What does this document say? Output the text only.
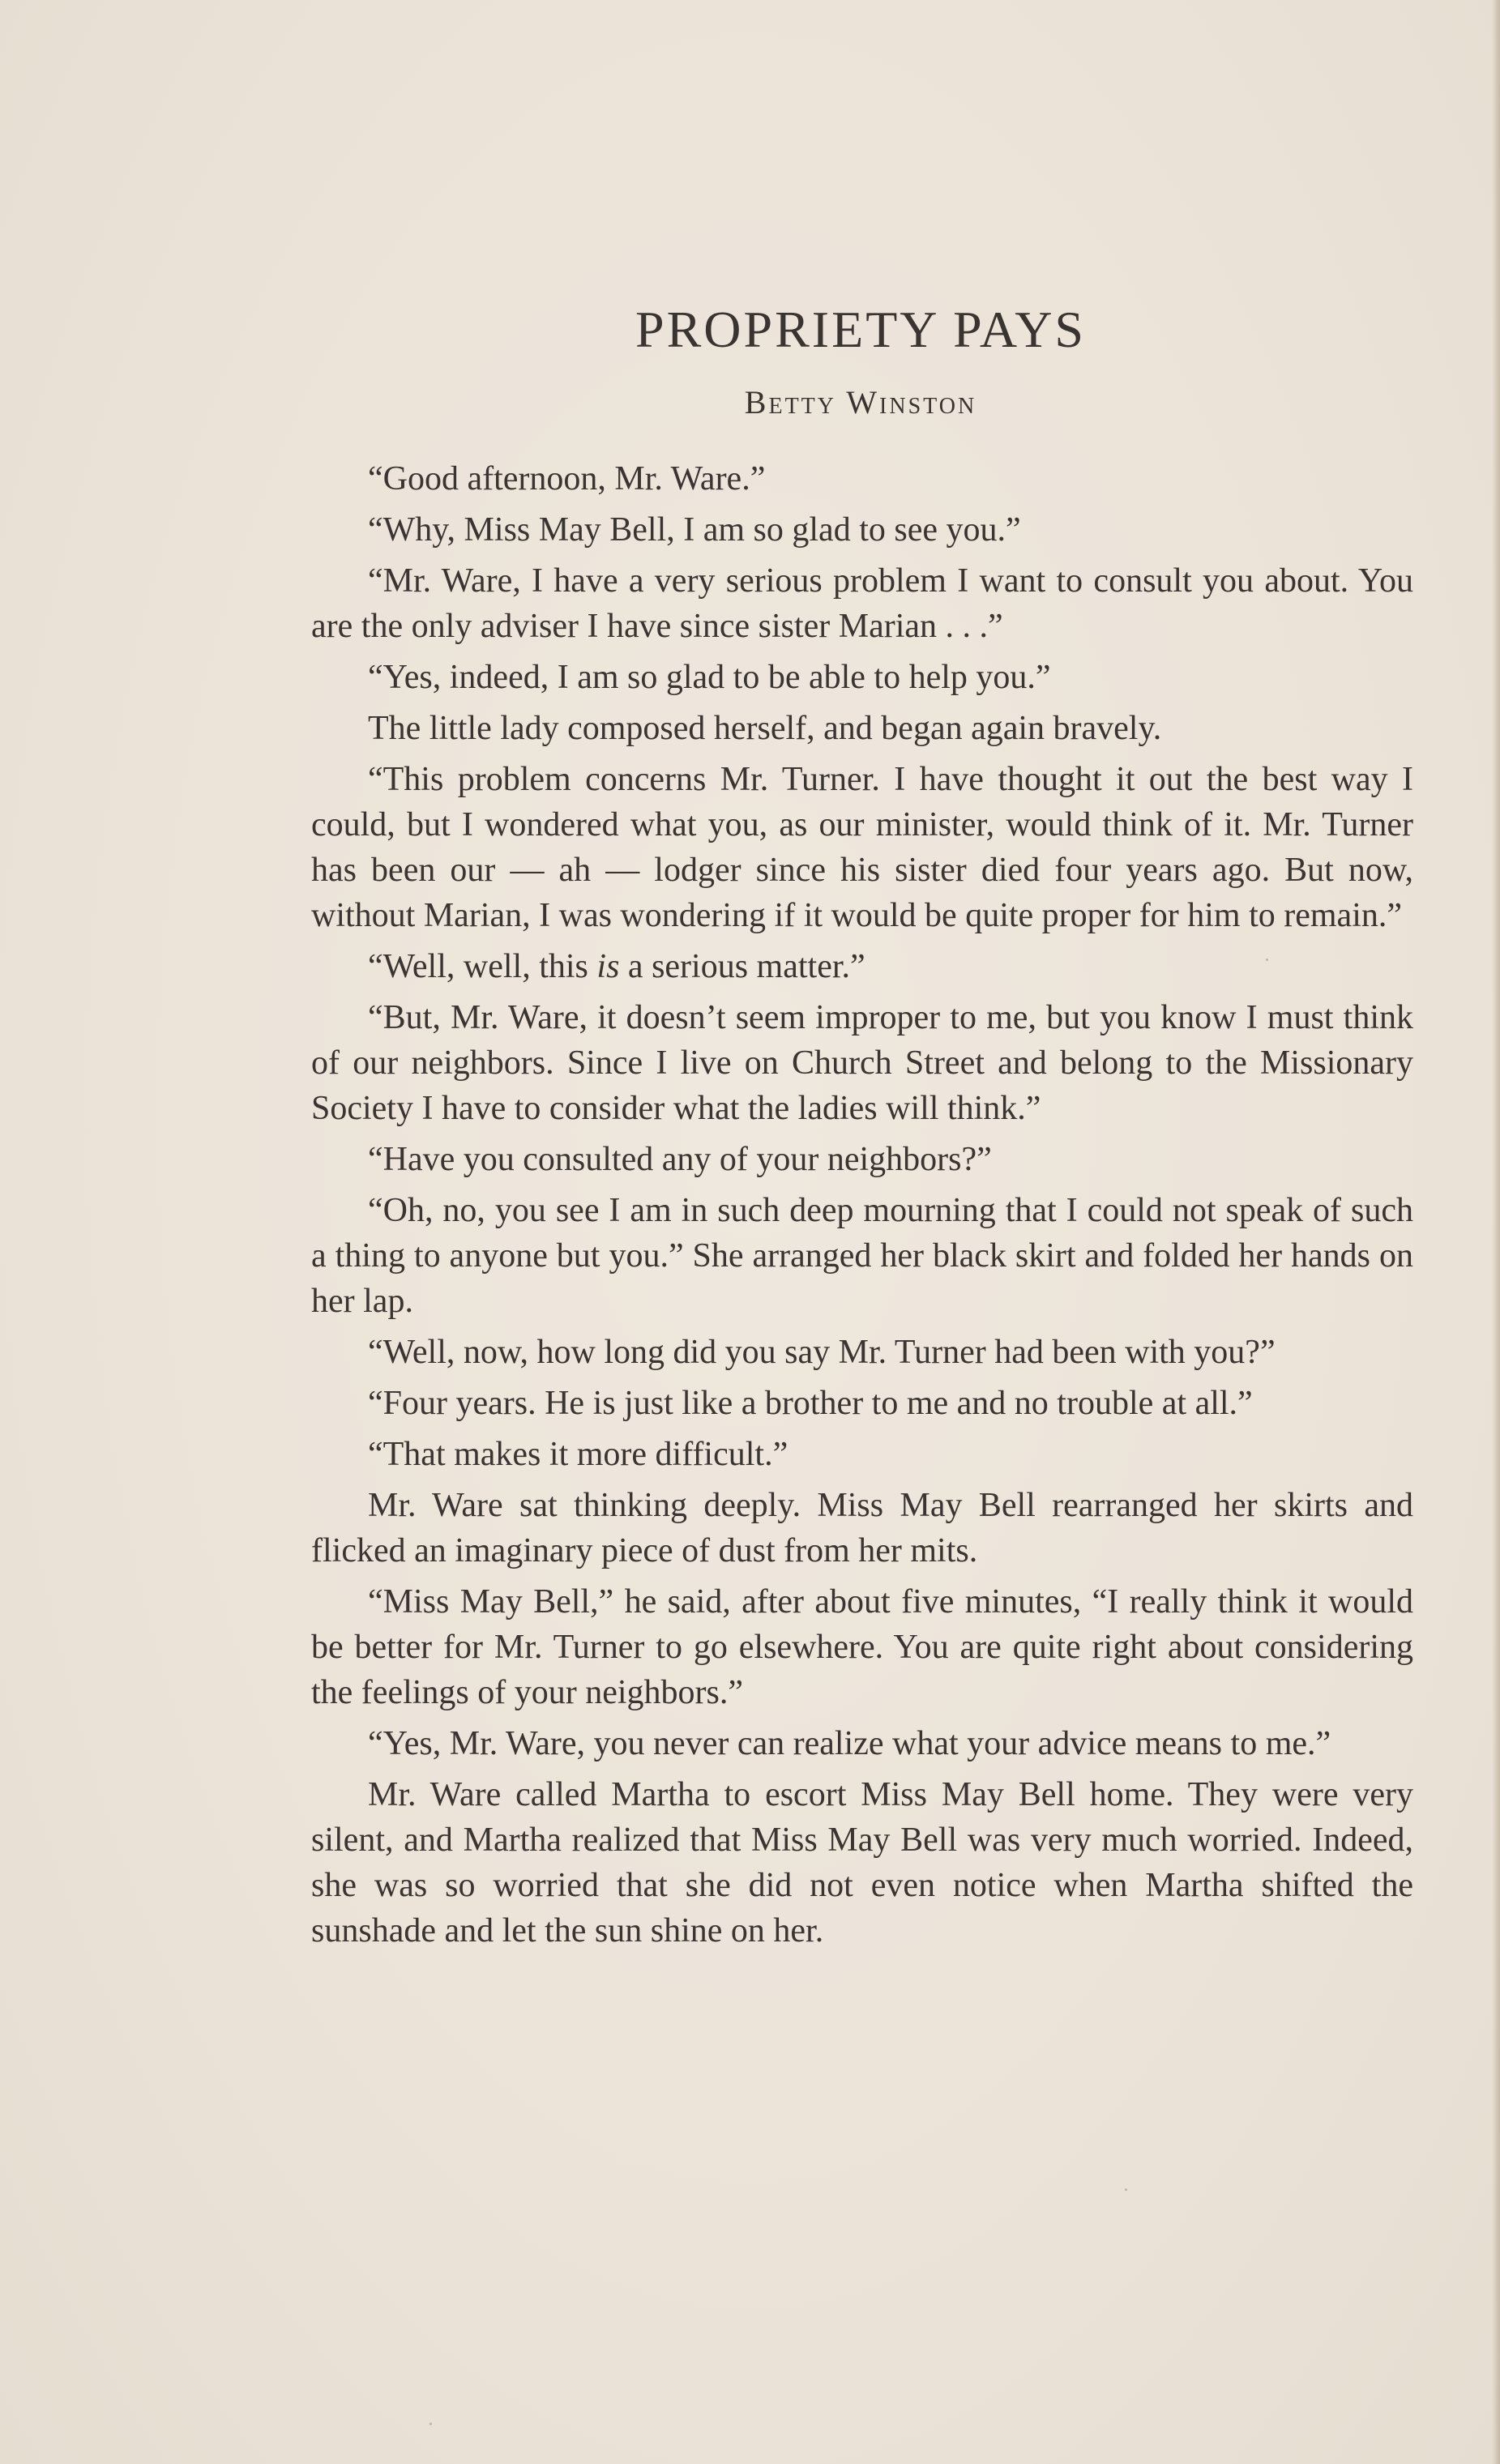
PROPRIETY PAYS
Betty Winston

“Good afternoon, Mr. Ware.”

“Why, Miss May Bell, I am so glad to see you.”

“Mr. Ware, I have a very serious problem I want to consult you about. You are the only adviser I have since sister Marian . . .”

“Yes, indeed, I am so glad to be able to help you.”

The little lady composed herself, and began again bravely.

“This problem concerns Mr. Turner. I have thought it out the best way I could, but I wondered what you, as our minister, would think of it. Mr. Turner has been our — ah — lodger since his sister died four years ago. But now, without Marian, I was wondering if it would be quite proper for him to remain.”

“Well, well, this is a serious matter.”

“But, Mr. Ware, it doesn’t seem improper to me, but you know I must think of our neighbors. Since I live on Church Street and belong to the Missionary Society I have to consider what the ladies will think.”

“Have you consulted any of your neighbors?”

“Oh, no, you see I am in such deep mourning that I could not speak of such a thing to anyone but you.” She arranged her black skirt and folded her hands on her lap.

“Well, now, how long did you say Mr. Turner had been with you?”

“Four years. He is just like a brother to me and no trouble at all.”

“That makes it more difficult.”

Mr. Ware sat thinking deeply. Miss May Bell rearranged her skirts and flicked an imaginary piece of dust from her mits.

“Miss May Bell,” he said, after about five minutes, “I really think it would be better for Mr. Turner to go elsewhere. You are quite right about considering the feelings of your neighbors.”

“Yes, Mr. Ware, you never can realize what your advice means to me.”

Mr. Ware called Martha to escort Miss May Bell home. They were very silent, and Martha realized that Miss May Bell was very much worried. Indeed, she was so worried that she did not even notice when Martha shifted the sunshade and let the sun shine on her.
